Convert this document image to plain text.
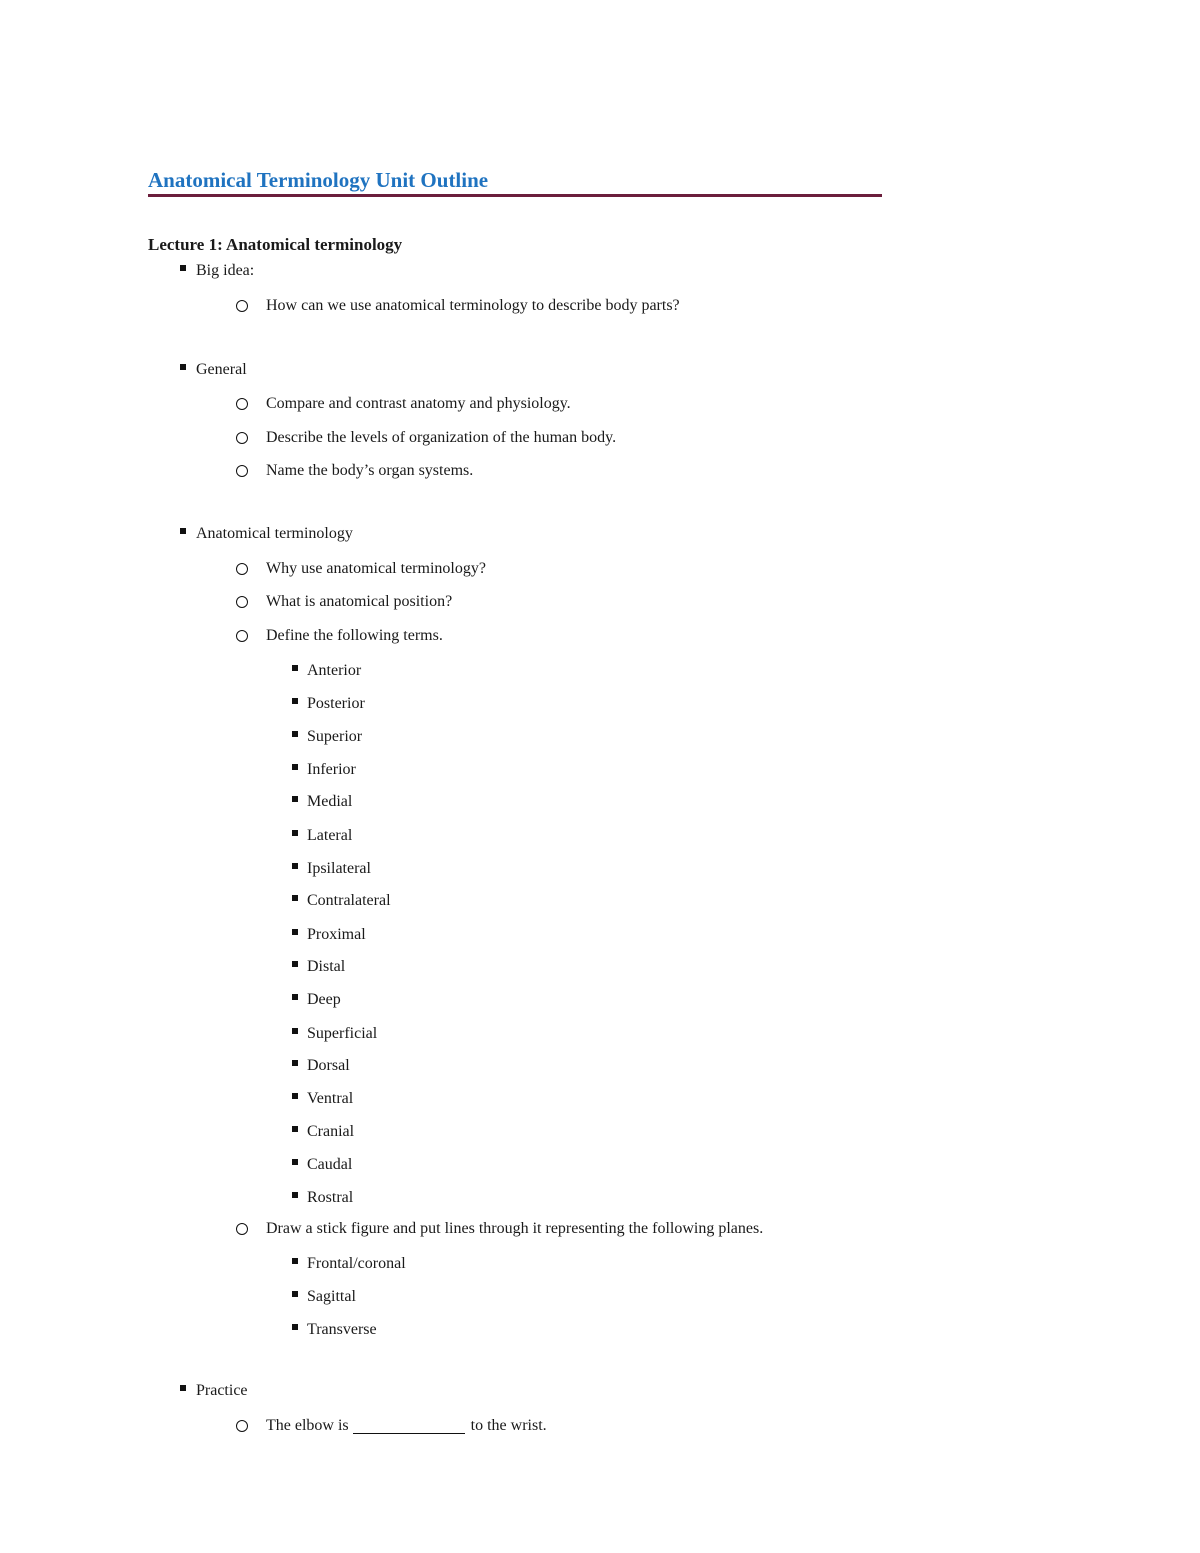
Anatomical Terminology Unit Outline
Lecture 1: Anatomical terminology
Big idea:
How can we use anatomical terminology to describe body parts?
General
Compare and contrast anatomy and physiology.
Describe the levels of organization of the human body.
Name the body’s organ systems.
Anatomical terminology
Why use anatomical terminology?
What is anatomical position?
Define the following terms.
Anterior
Posterior
Superior
Inferior
Medial
Lateral
Ipsilateral
Contralateral
Proximal
Distal
Deep
Superficial
Dorsal
Ventral
Cranial
Caudal
Rostral
Draw a stick figure and put lines through it representing the following planes.
Frontal/coronal
Sagittal
Transverse
Practice
The elbow is	to the wrist.
